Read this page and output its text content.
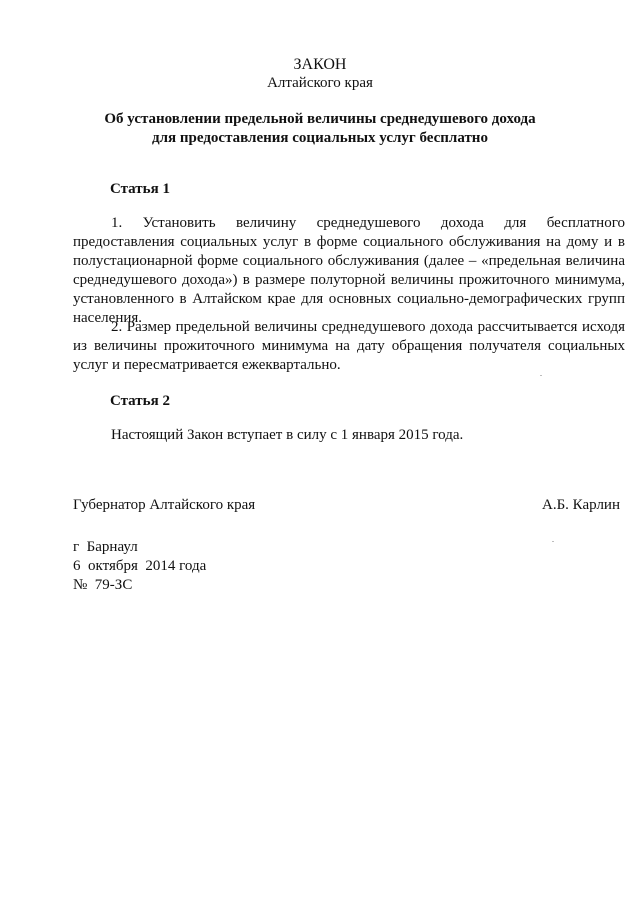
ЗАКОН
Алтайского края
Об установлении предельной величины среднедушевого дохода
для предоставления социальных услуг бесплатно
Статья 1
1. Установить величину среднедушевого дохода для бесплатного предоставления социальных услуг в форме социального обслуживания на дому и в полустационарной форме социального обслуживания (далее – «предельная величина среднедушевого дохода») в размере полуторной величины прожиточного минимума, установленного в Алтайском крае для основных социально-демографических групп населения.
2. Размер предельной величины среднедушевого дохода рассчитывается исходя из величины прожиточного минимума на дату обращения получателя социальных услуг и пересматривается ежеквартально.
Статья 2
Настоящий Закон вступает в силу с 1 января 2015 года.
Губернатор Алтайского края	А.Б. Карлин
г  Барнаул
6  октября  2014 года
№  79-ЗС
